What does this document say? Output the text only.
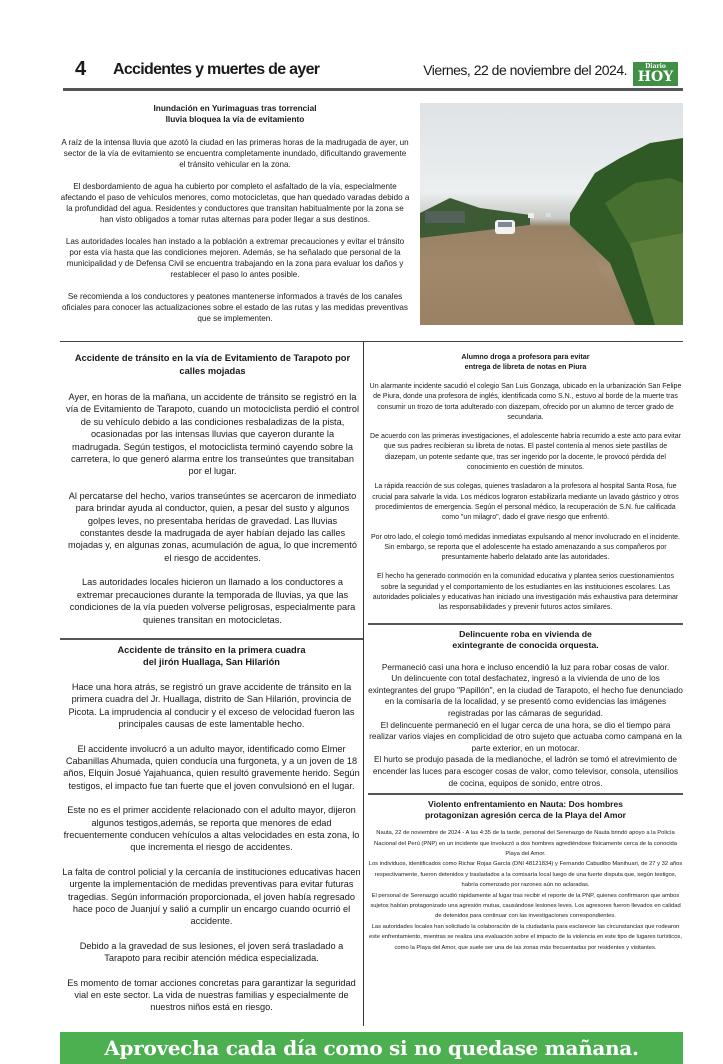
4 Accidentes y muertes de ayer	Viernes, 22 de noviembre del 2024.	Diario
HOY
Inundación en Yurimaguas tras torrencial
lluvia bloquea la vía de evitamiento

A raíz de la intensa lluvia que azotó la ciudad en las primeras horas de la madrugada de ayer, un sector de la vía de evitamiento se encuentra completamente inundado, dificultando gravemente el tránsito vehicular en la zona.

El desbordamiento de agua ha cubierto por completo el asfaltado de la vía, especialmente afectando el paso de vehículos menores, como motocicletas, que han quedado varadas debido a la profundidad del agua. Residentes y conductores que transitan habitualmente por la zona se han visto obligados a tomar rutas alternas para poder llegar a sus destinos.

Las autoridades locales han instado a la población a extremar precauciones y evitar el tránsito por esta vía hasta que las condiciones mejoren. Además, se ha señalado que personal de la municipalidad y de Defensa Civil se encuentra trabajando en la zona para evaluar los daños y restablecer el paso lo antes posible.

Se recomienda a los conductores y peatones mantenerse informados a través de los canales oficiales para conocer las actualizaciones sobre el estado de las rutas y las medidas preventivas que se implementen.

Accidente de tránsito en la vía de Evitamiento de Tarapoto por calles mojadas

Ayer, en horas de la mañana, un accidente de tránsito se registró en la vía de Evitamiento de Tarapoto, cuando un motociclista perdió el control de su vehículo debido a las condiciones resbaladizas de la pista, ocasionadas por las intensas lluvias que cayeron durante la madrugada. Según testigos, el motociclista terminó cayendo sobre la carretera, lo que generó alarma entre los transeúntes que transitaban por el lugar.

Al percatarse del hecho, varios transeúntes se acercaron de inmediato para brindar ayuda al conductor, quien, a pesar del susto y algunos golpes leves, no presentaba heridas de gravedad. Las lluvias constantes desde la madrugada de ayer habían dejado las calles mojadas y, en algunas zonas, acumulación de agua, lo que incrementó el riesgo de accidentes.

Las autoridades locales hicieron un llamado a los conductores a extremar precauciones durante la temporada de lluvias, ya que las condiciones de la vía pueden volverse peligrosas, especialmente para quienes transitan en motocicletas.

Accidente de tránsito en la primera cuadra
del jirón Huallaga, San Hilarión

Hace una hora atrás, se registró un grave accidente de tránsito en la primera cuadra del Jr. Huallaga, distrito de San Hilarión, provincia de Picota. La imprudencia al conducir y el exceso de velocidad fueron las principales causas de este lamentable hecho.

El accidente involucró a un adulto mayor, identificado como Elmer Cabanillas Ahumada, quien conducía una furgoneta, y a un joven de 18 años, Elquin Josué Yajahuanca, quien resultó gravemente herido. Según testigos, el impacto fue tan fuerte que el joven convulsionó en el lugar.

Este no es el primer accidente relacionado con el adulto mayor, dijeron algunos testigos,además, se reporta que menores de edad frecuentemente conducen vehículos a altas velocidades en esta zona, lo que incrementa el riesgo de accidentes.

La falta de control policial y la cercanía de instituciones educativas hacen urgente la implementación de medidas preventivas para evitar futuras tragedias. Según información proporcionada, el joven había regresado hace poco de Juanjuí y salió a cumplir un encargo cuando ocurrió el accidente.

Debido a la gravedad de sus lesiones, el joven será trasladado a Tarapoto para recibir atención médica especializada.

Es momento de tomar acciones concretas para garantizar la seguridad vial en este sector. La vida de nuestras familias y especialmente de nuestros niños está en riesgo.

Alumno droga a profesora para evitar
entrega de libreta de notas en Piura

Un alarmante incidente sacudió el colegio San Luis Gonzaga, ubicado en la urbanización San Felipe de Piura, donde una profesora de inglés, identificada como S.N., estuvo al borde de la muerte tras consumir un trozo de torta adulterado con diazepam, ofrecido por un alumno de tercer grado de secundaria.

De acuerdo con las primeras investigaciones, el adolescente habría recurrido a este acto para evitar que sus padres recibieran su libreta de notas. El pastel contenía al menos siete pastillas de diazepam, un potente sedante que, tras ser ingerido por la docente, le provocó pérdida del conocimiento en cuestión de minutos.

La rápida reacción de sus colegas, quienes trasladaron a la profesora al hospital Santa Rosa, fue crucial para salvarle la vida. Los médicos lograron estabilizarla mediante un lavado gástrico y otros procedimientos de emergencia. Según el personal médico, la recuperación de S.N. fue calificada como "un milagro", dado el grave riesgo que enfrentó.

Por otro lado, el colegio tomó medidas inmediatas expulsando al menor involucrado en el incidente. Sin embargo, se reporta que el adolescente ha estado amenazando a sus compañeros por presuntamente haberlo delatado ante las autoridades.

El hecho ha generado conmoción en la comunidad educativa y plantea serios cuestionamientos sobre la seguridad y el comportamiento de los estudiantes en las instituciones escolares. Las autoridades policiales y educativas han iniciado una investigación más exhaustiva para determinar las responsabilidades y prevenir futuros actos similares.

Delincuente roba en vivienda de
exintegrante de conocida orquesta.

Permaneció casi una hora e incluso encendió la luz para robar cosas de valor.

Un delincuente con total desfachatez, ingresó a la vivienda de uno de los exintegrantes del grupo "Papillón", en la ciudad de Tarapoto, el hecho fue denunciado en la comisaría de la localidad, y se presentó como evidencias las imágenes registradas por las cámaras de seguridad.

El delincuente permaneció en el lugar cerca de una hora, se dio el tiempo para realizar varios viajes en complicidad de otro sujeto que actuaba como campana en la parte exterior, en un motocar.

El hurto se produjo pasada de la medianoche, el ladrón se tomó el atrevimiento de encender las luces para escoger cosas de valor, como televisor, consola, utensilios de cocina, equipos de sonido, entre otros.

Violento enfrentamiento en Nauta: Dos hombres
protagonizan agresión cerca de la Playa del Amor

Nauta, 22 de noviembre de 2024 - A las 4:35 de la tarde, personal del Serenazgo de Nauta brindó apoyo a la Policía Nacional del Perú (PNP) en un incidente que involucró a dos hombres agrediéndose físicamente cerca de la conocida Playa del Amor.

Los individuos, identificados como Richar Rojas García (DNI 48121834) y Fernando Cabudibo Manihuari, de 27 y 32 años respectivamente, fueron detenidos y trasladados a la comisaría local luego de una fuerte disputa que, según testigos, habría comenzado por razones aún no aclaradas.

El personal de Serenazgo acudió rápidamente al lugar tras recibir el reporte de la PNP, quienes confirmaron que ambos sujetos habían protagonizado una agresión mutua, causándose lesiones leves. Los agresores fueron llevados en calidad de detenidos para continuar con las investigaciones correspondientes.

Las autoridades locales han solicitado la colaboración de la ciudadanía para esclarecer las circunstancias que rodearon este enfrentamiento, mientras se realiza una evaluación sobre el impacto de la violencia en este tipo de lugares turísticos, como la Playa del Amor, que suele ser una de las zonas más frecuentadas por residentes y visitantes.

Aprovecha cada día como si no quedase mañana.
